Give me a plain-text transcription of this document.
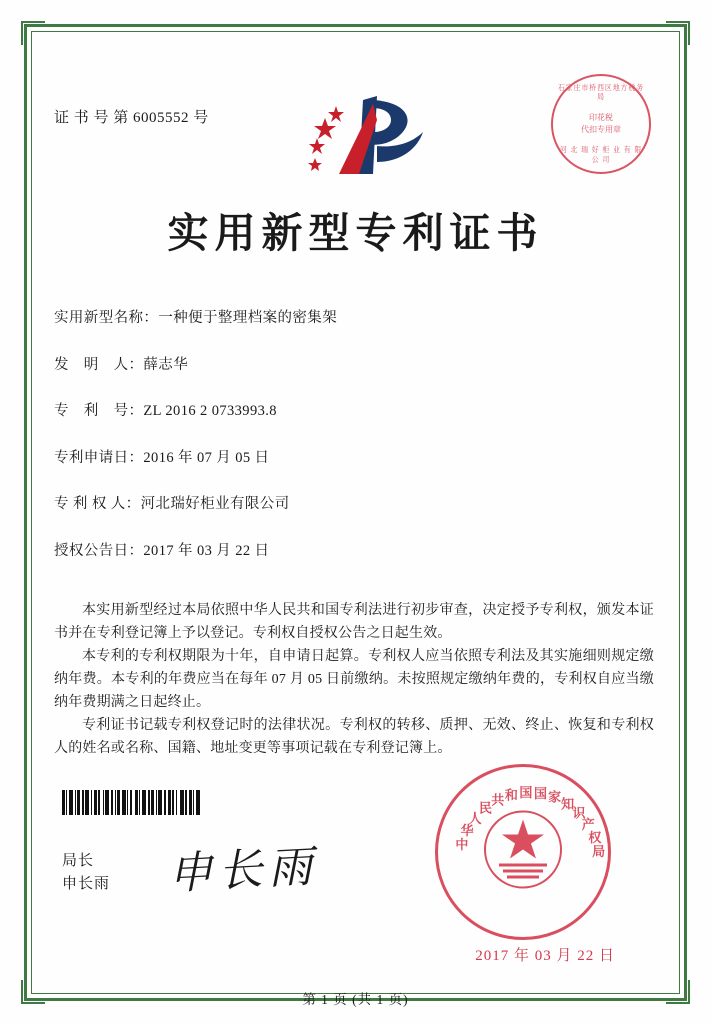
证 书 号 第 6005552 号
石家庄市桥西区地方税务局
印花税
代扣专用章
河 北 瑞 好 柜 业 有 限 公 司
实用新型专利证书
实用新型名称：一种便于整理档案的密集架
发　明　人：薛志华
专　利　号：ZL 2016 2 0733993.8
专利申请日：2016 年 07 月 05 日
专 利 权 人：河北瑞好柜业有限公司
授权公告日：2017 年 03 月 22 日

本实用新型经过本局依照中华人民共和国专利法进行初步审查，决定授予专利权，颁发本证书并在专利登记簿上予以登记。专利权自授权公告之日起生效。

本专利的专利权期限为十年，自申请日起算。专利权人应当依照专利法及其实施细则规定缴纳年费。本专利的年费应当在每年 07 月 05 日前缴纳。未按照规定缴纳年费的，专利权自应当缴纳年费期满之日起终止。

专利证书记载专利权登记时的法律状况。专利权的转移、质押、无效、终止、恢复和专利权人的姓名或名称、国籍、地址变更等事项记载在专利登记簿上。

申长雨
局长
申长雨
中
华
人
民
共 和 国 国 家 知
识
产
权
局
2017 年 03 月 22 日
第 1 页 (共 1 页)
